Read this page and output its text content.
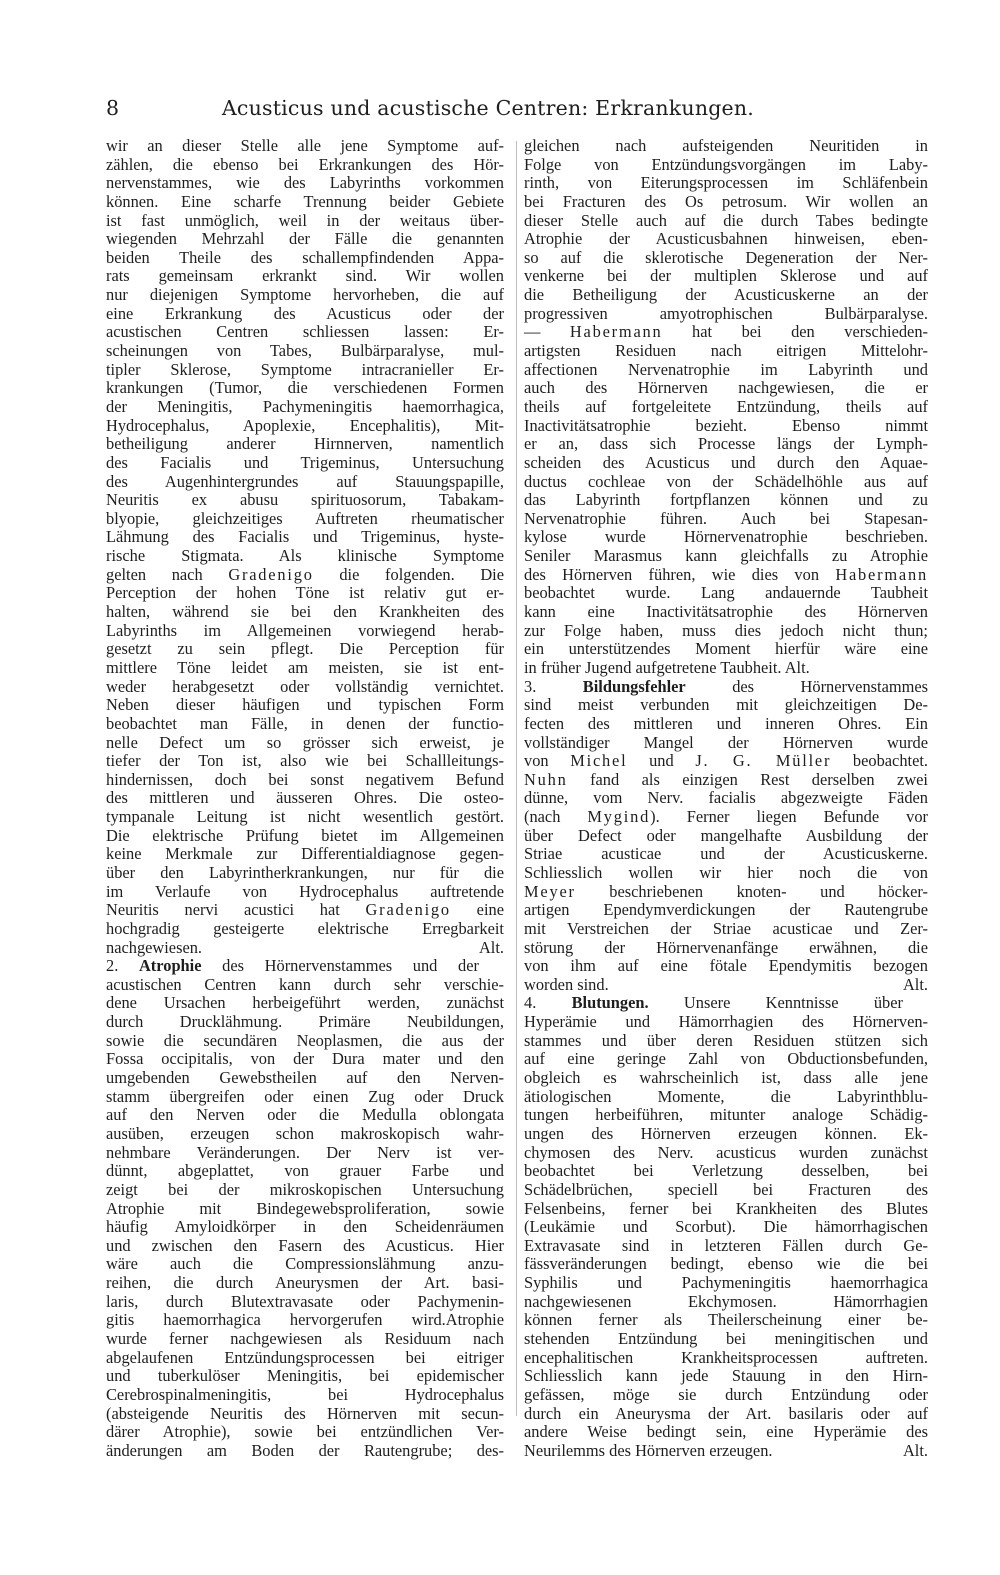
8	Acusticus und acustische Centren: Erkrankungen.
wir an dieser Stelle alle jene Symptome auf-
zählen, die ebenso bei Erkrankungen des Hör-
nervenstammes, wie des Labyrinths vorkommen
können. Eine scharfe Trennung beider Gebiete
ist fast unmöglich, weil in der weitaus über-
wiegenden Mehrzahl der Fälle die genannten
beiden Theile des schallempfindenden Appa-
rats gemeinsam erkrankt sind. Wir wollen
nur diejenigen Symptome hervorheben, die auf
eine Erkrankung des Acusticus oder der
acustischen Centren schliessen lassen: Er-
scheinungen von Tabes, Bulbärparalyse, mul-
tipler Sklerose, Symptome intracranieller Er-
krankungen (Tumor, die verschiedenen Formen
der Meningitis, Pachymeningitis haemorrhagica,
Hydrocephalus, Apoplexie, Encephalitis), Mit-
betheiligung anderer Hirnnerven, namentlich
des Facialis und Trigeminus, Untersuchung
des Augenhintergrundes auf Stauungspapille,
Neuritis ex abusu spirituosorum, Tabakam-
blyopie, gleichzeitiges Auftreten rheumatischer
Lähmung des Facialis und Trigeminus, hyste-
rische Stigmata. Als klinische Symptome
gelten nach Gradenigo die folgenden. Die
Perception der hohen Töne ist relativ gut er-
halten, während sie bei den Krankheiten des
Labyrinths im Allgemeinen vorwiegend herab-
gesetzt zu sein pflegt. Die Perception für
mittlere Töne leidet am meisten, sie ist ent-
weder herabgesetzt oder vollständig vernichtet.
Neben dieser häufigen und typischen Form
beobachtet man Fälle, in denen der functio-
nelle Defect um so grösser sich erweist, je
tiefer der Ton ist, also wie bei Schallleitungs-
hindernissen, doch bei sonst negativem Befund
des mittleren und äusseren Ohres. Die osteo-
tympanale Leitung ist nicht wesentlich gestört.
Die elektrische Prüfung bietet im Allgemeinen
keine Merkmale zur Differentialdiagnose gegen-
über den Labyrintherkrankungen, nur für die
im Verlaufe von Hydrocephalus auftretende
Neuritis nervi acustici hat Gradenigo eine
hochgradig gesteigerte elektrische Erregbarkeit
nachgewiesen.	Alt.
2. Atrophie des Hörnervenstammes und der
acustischen Centren kann durch sehr verschie-
dene Ursachen herbeigeführt werden, zunächst
durch Drucklähmung. Primäre Neubildungen,
sowie die secundären Neoplasmen, die aus der
Fossa occipitalis, von der Dura mater und den
umgebenden Gewebstheilen auf den Nerven-
stamm übergreifen oder einen Zug oder Druck
auf den Nerven oder die Medulla oblongata
ausüben, erzeugen schon makroskopisch wahr-
nehmbare Veränderungen. Der Nerv ist ver-
dünnt, abgeplattet, von grauer Farbe und
zeigt bei der mikroskopischen Untersuchung
Atrophie mit Bindegewebsproliferation, sowie
häufig Amyloidkörper in den Scheidenräumen
und zwischen den Fasern des Acusticus. Hier
wäre auch die Compressionslähmung anzu-
reihen, die durch Aneurysmen der Art. basi-
laris, durch Blutextravasate oder Pachymenin-
gitis haemorrhagica hervorgerufen wird.Atrophie
wurde ferner nachgewiesen als Residuum nach
abgelaufenen Entzündungsprocessen bei eitriger
und tuberkulöser Meningitis, bei epidemischer
Cerebrospinalmeningitis, bei Hydrocephalus
(absteigende Neuritis des Hörnerven mit secun-
därer Atrophie), sowie bei entzündlichen Ver-
änderungen am Boden der Rautengrube; des-
gleichen nach aufsteigenden Neuritiden in
Folge von Entzündungsvorgängen im Laby-
rinth, von Eiterungsprocessen im Schläfenbein
bei Fracturen des Os petrosum. Wir wollen an
dieser Stelle auch auf die durch Tabes bedingte
Atrophie der Acusticusbahnen hinweisen, eben-
so auf die sklerotische Degeneration der Ner-
venkerne bei der multiplen Sklerose und auf
die Betheiligung der Acusticuskerne an der
progressiven amyotrophischen Bulbärparalyse.
— Habermann hat bei den verschieden-
artigsten Residuen nach eitrigen Mittelohr-
affectionen Nervenatrophie im Labyrinth und
auch des Hörnerven nachgewiesen, die er
theils auf fortgeleitete Entzündung, theils auf
Inactivitätsatrophie bezieht. Ebenso nimmt
er an, dass sich Processe längs der Lymph-
scheiden des Acusticus und durch den Aquae-
ductus cochleae von der Schädelhöhle aus auf
das Labyrinth fortpflanzen können und zu
Nervenatrophie führen. Auch bei Stapesan-
kylose wurde Hörnervenatrophie beschrieben.
Seniler Marasmus kann gleichfalls zu Atrophie
des Hörnerven führen, wie dies von Habermann
beobachtet wurde. Lang andauernde Taubheit
kann eine Inactivitätsatrophie des Hörnerven
zur Folge haben, muss dies jedoch nicht thun;
ein unterstützendes Moment hierfür wäre eine
in früher Jugend aufgetretene Taubheit. Alt.
3. Bildungsfehler des Hörnervenstammes
sind meist verbunden mit gleichzeitigen De-
fecten des mittleren und inneren Ohres. Ein
vollständiger Mangel der Hörnerven wurde
von Michel und J. G. Müller beobachtet.
Nuhn fand als einzigen Rest derselben zwei
dünne, vom Nerv. facialis abgezweigte Fäden
(nach Mygind). Ferner liegen Befunde vor
über Defect oder mangelhafte Ausbildung der
Striae acusticae und der Acusticuskerne.
Schliesslich wollen wir hier noch die von
Meyer beschriebenen knoten- und höcker-
artigen Ependymverdickungen der Rautengrube
mit Verstreichen der Striae acusticae und Zer-
störung der Hörnervenanfänge erwähnen, die
von ihm auf eine fötale Ependymitis bezogen
worden sind.	Alt.
4. Blutungen. Unsere Kenntnisse über
Hyperämie und Hämorrhagien des Hörnerven-
stammes und über deren Residuen stützen sich
auf eine geringe Zahl von Obductionsbefunden,
obgleich es wahrscheinlich ist, dass alle jene
ätiologischen Momente, die Labyrinthblu-
tungen herbeiführen, mitunter analoge Schädig-
ungen des Hörnerven erzeugen können. Ek-
chymosen des Nerv. acusticus wurden zunächst
beobachtet bei Verletzung desselben, bei
Schädelbrüchen, speciell bei Fracturen des
Felsenbeins, ferner bei Krankheiten des Blutes
(Leukämie und Scorbut). Die hämorrhagischen
Extravasate sind in letzteren Fällen durch Ge-
fässveränderungen bedingt, ebenso wie die bei
Syphilis und Pachymeningitis haemorrhagica
nachgewiesenen Ekchymosen. Hämorrhagien
können ferner als Theilerscheinung einer be-
stehenden Entzündung bei meningitischen und
encephalitischen Krankheitsprocessen auftreten.
Schliesslich kann jede Stauung in den Hirn-
gefässen, möge sie durch Entzündung oder
durch ein Aneurysma der Art. basilaris oder auf
andere Weise bedingt sein, eine Hyperämie des
Neurilemms des Hörnerven erzeugen.	Alt.
